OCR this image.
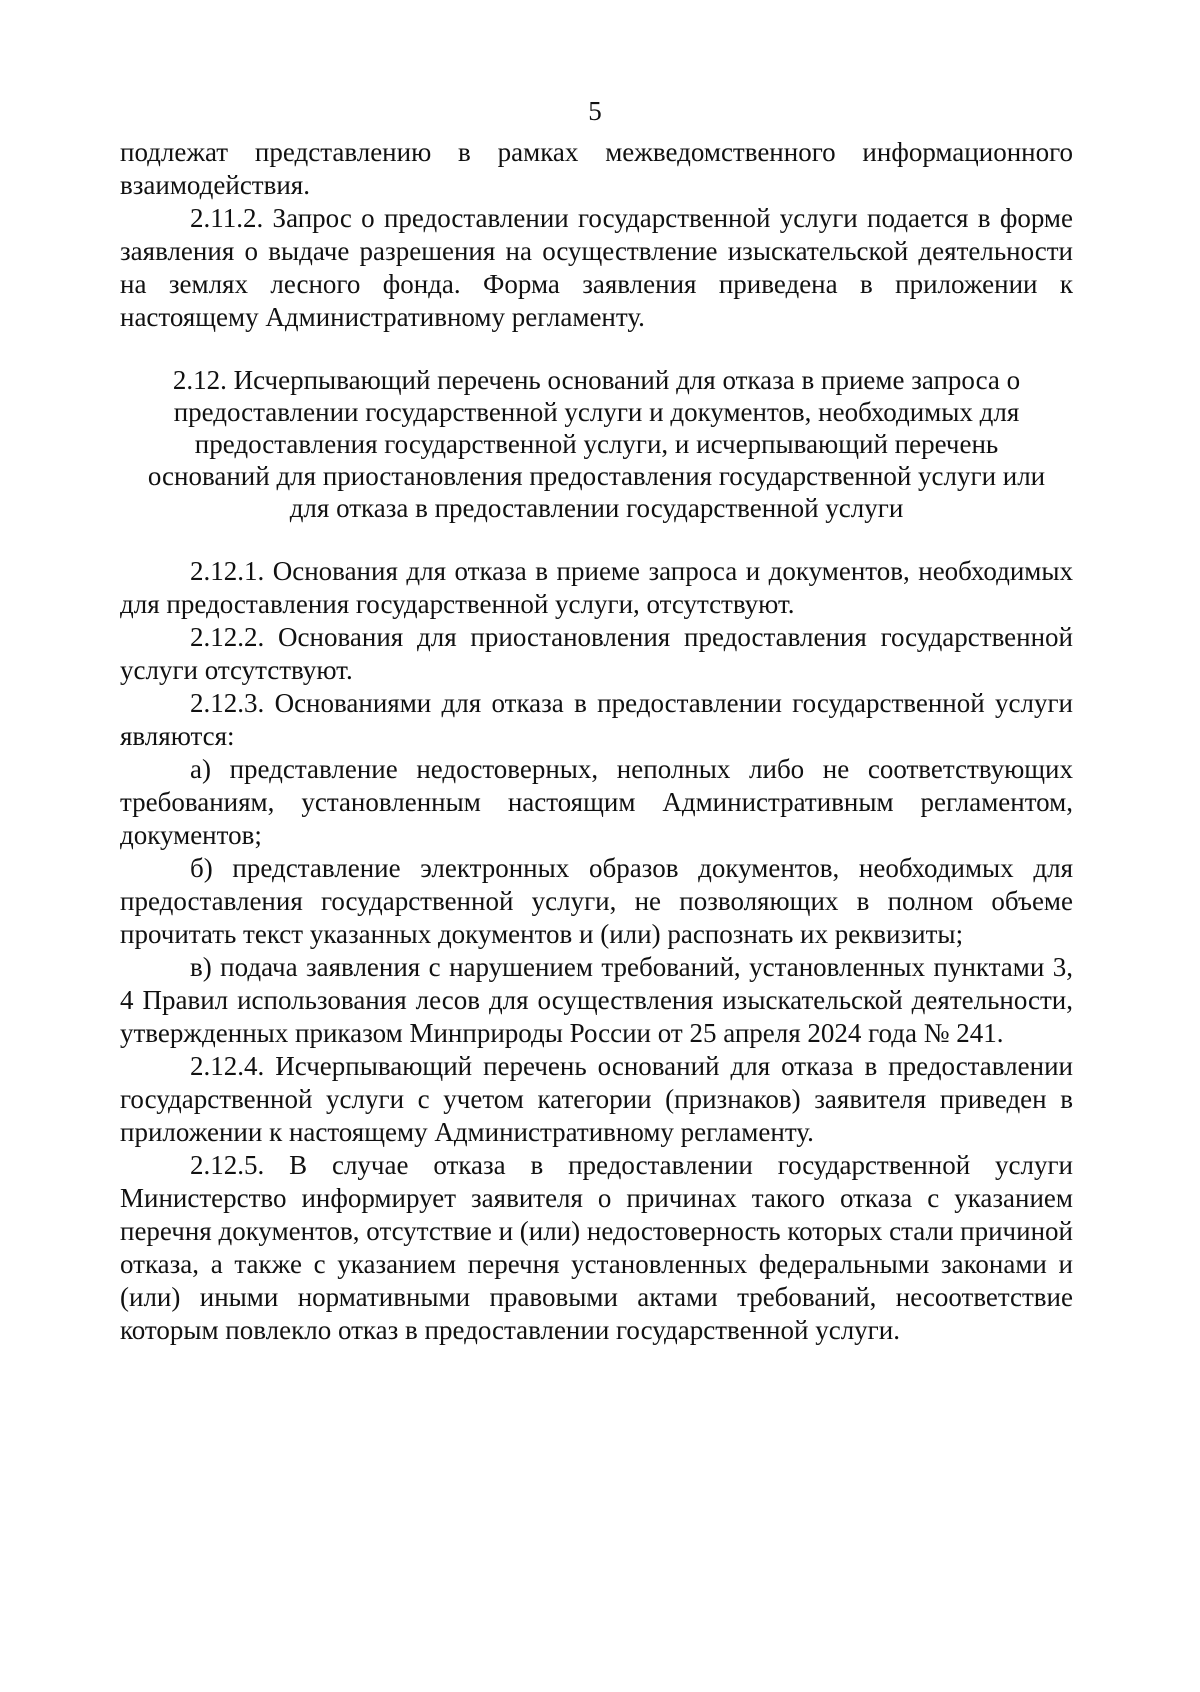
5

подлежат представлению в рамках межведомственного информационного взаимодействия.

2.11.2. Запрос о предоставлении государственной услуги подается в форме заявления о выдаче разрешения на осуществление изыскательской деятельности на землях лесного фонда. Форма заявления приведена в приложении к настоящему Административному регламенту.

2.12. Исчерпывающий перечень оснований для отказа в приеме запроса о предоставлении государственной услуги и документов, необходимых для предоставления государственной услуги, и исчерпывающий перечень оснований для приостановления предоставления государственной услуги или для отказа в предоставлении государственной услуги

2.12.1. Основания для отказа в приеме запроса и документов, необходимых для предоставления государственной услуги, отсутствуют.

2.12.2. Основания для приостановления предоставления государственной услуги отсутствуют.

2.12.3. Основаниями для отказа в предоставлении государственной услуги являются:

а) представление недостоверных, неполных либо не соответствующих требованиям, установленным настоящим Административным регламентом, документов;

б) представление электронных образов документов, необходимых для предоставления государственной услуги, не позволяющих в полном объеме прочитать текст указанных документов и (или) распознать их реквизиты;

в) подача заявления с нарушением требований, установленных пунктами 3, 4 Правил использования лесов для осуществления изыскательской деятельности, утвержденных приказом Минприроды России от 25 апреля 2024 года № 241.

2.12.4. Исчерпывающий перечень оснований для отказа в предоставлении государственной услуги с учетом категории (признаков) заявителя приведен в приложении к настоящему Административному регламенту.

2.12.5. В случае отказа в предоставлении государственной услуги Министерство информирует заявителя о причинах такого отказа с указанием перечня документов, отсутствие и (или) недостоверность которых стали причиной отказа, а также с указанием перечня установленных федеральными законами и (или) иными нормативными правовыми актами требований, несоответствие которым повлекло отказ в предоставлении государственной услуги.
